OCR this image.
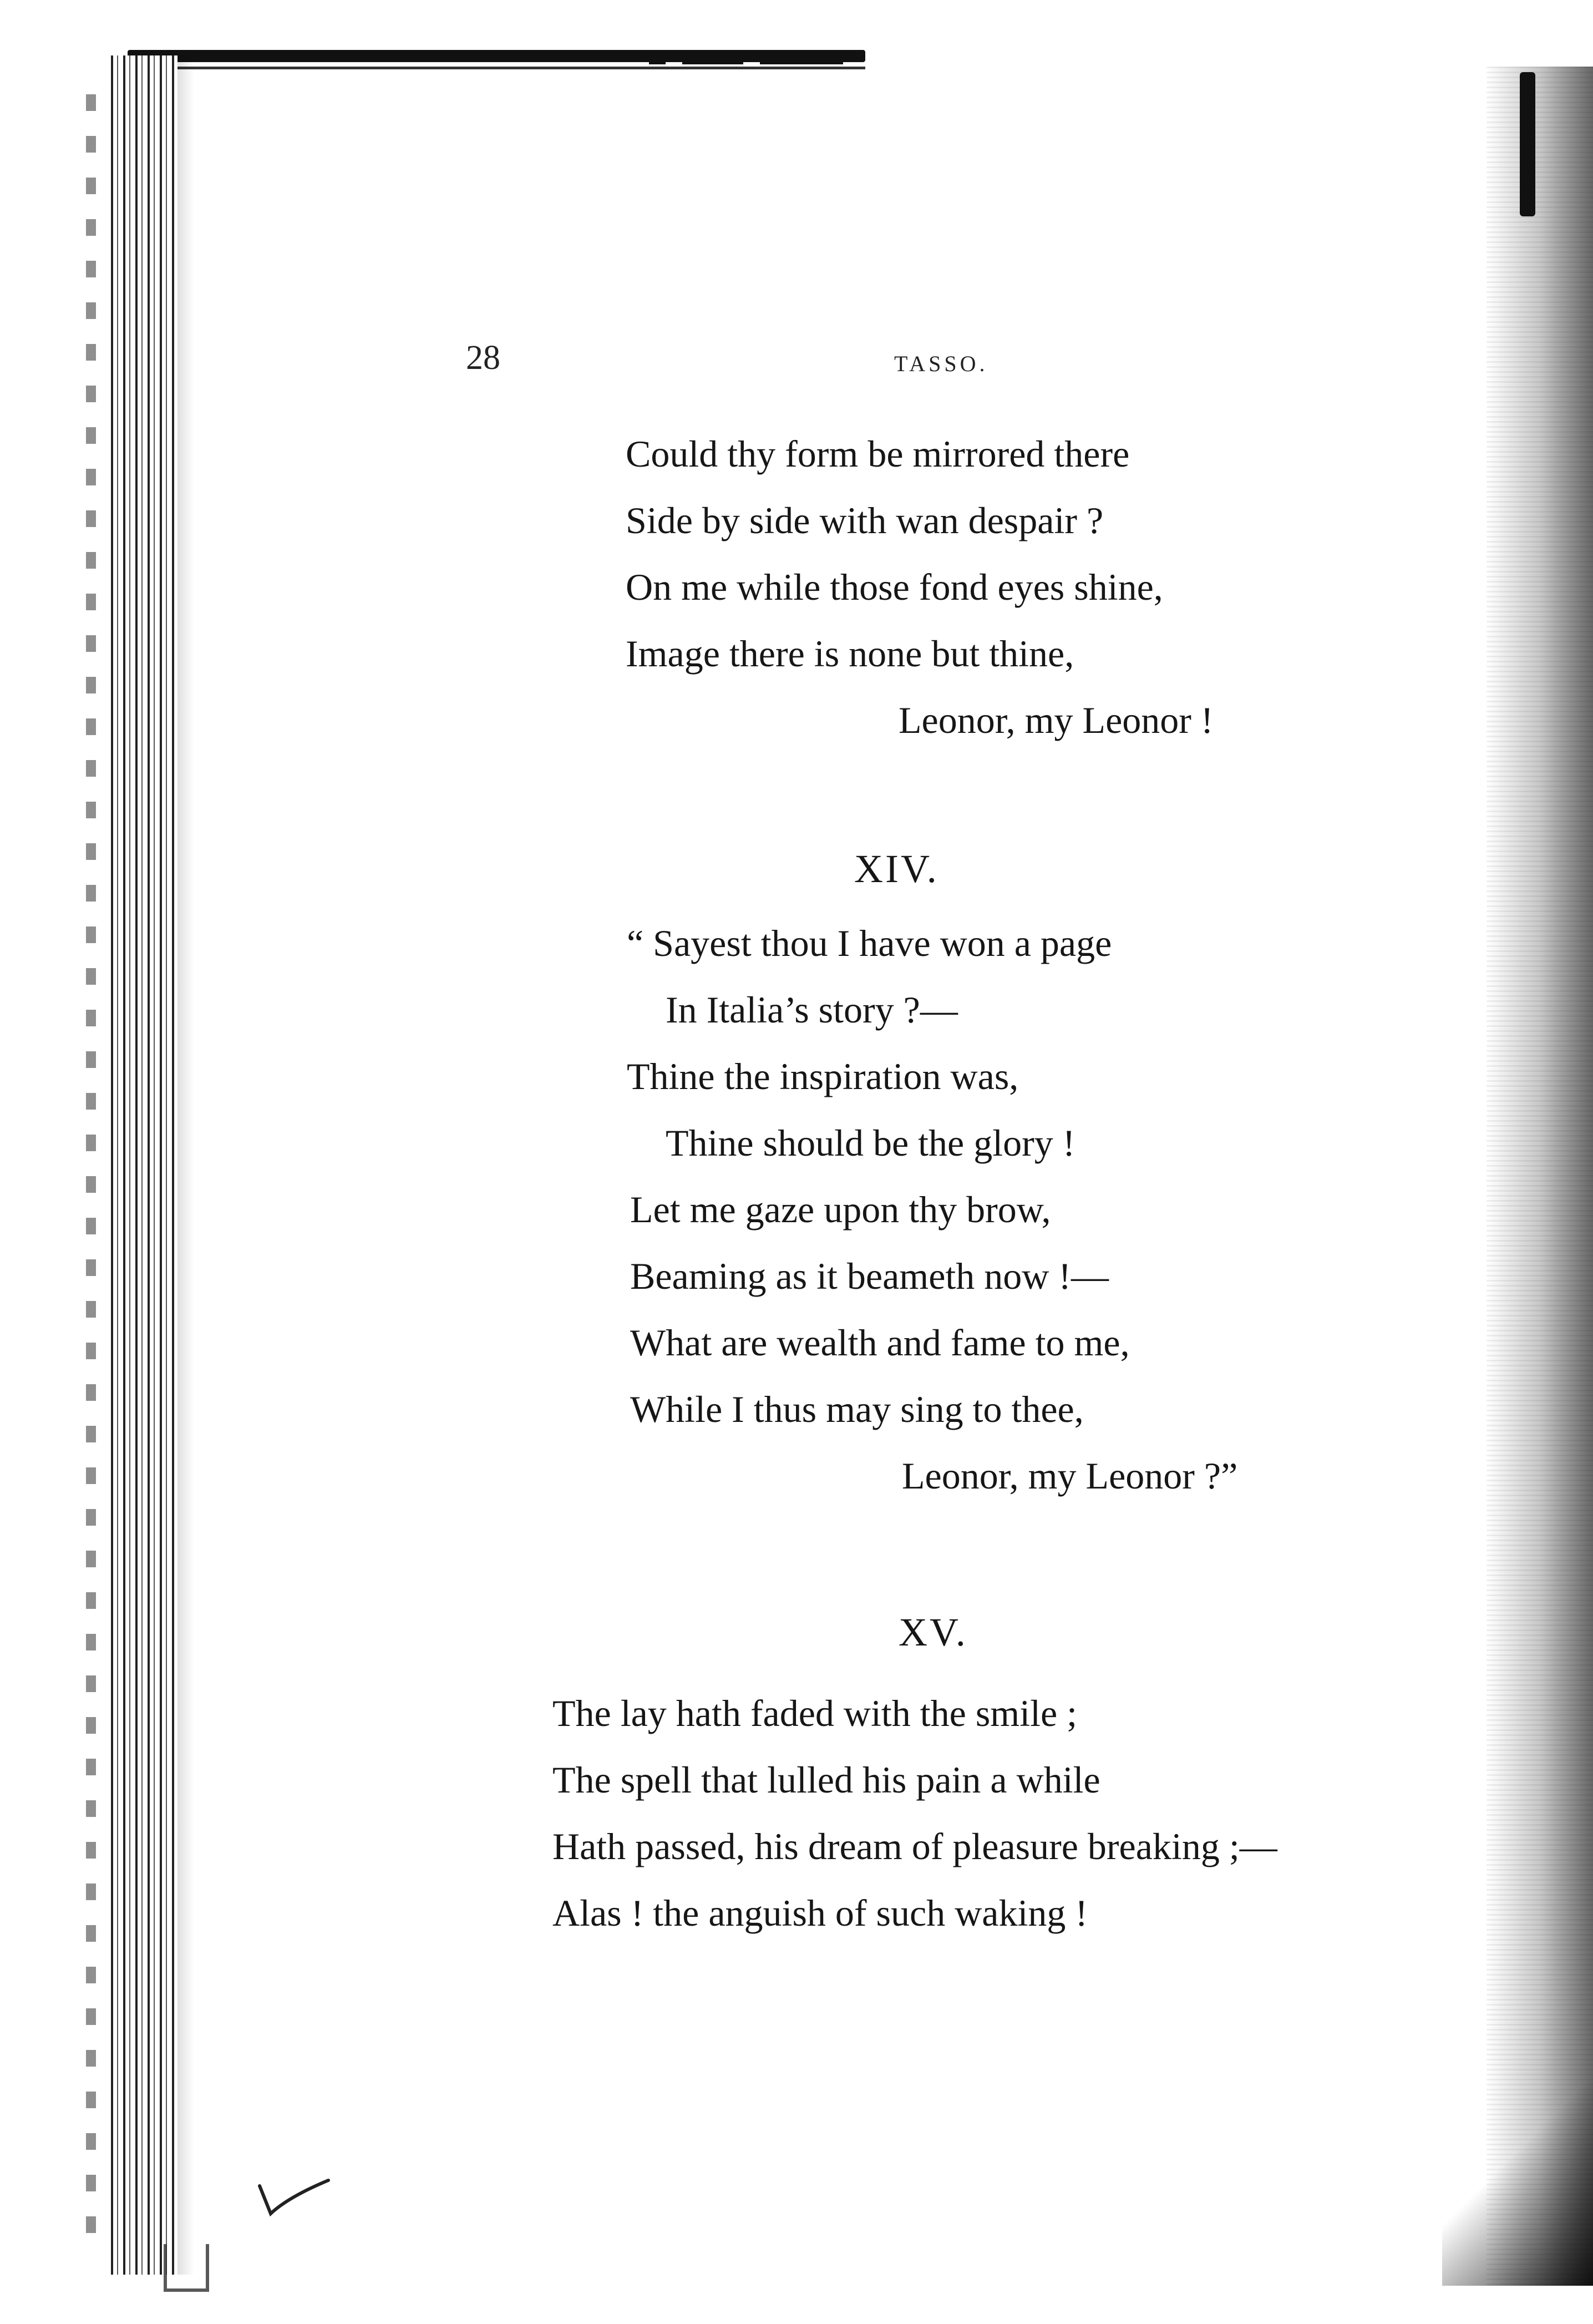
28	TASSO.
Could thy form be mirrored there
Side by side with wan despair ?
On me while those fond eyes shine,
Image there is none but thine,
Leonor, my Leonor !
XIV.
“ Sayest thou I have won a page
In Italia’s story ?—
Thine the inspiration was,
Thine should be the glory !
Let me gaze upon thy brow,
Beaming as it beameth now !—
What are wealth and fame to me,
While I thus may sing to thee,
Leonor, my Leonor ?”
XV.
The lay hath faded with the smile ;
The spell that lulled his pain a while
Hath passed, his dream of pleasure breaking ;—
Alas ! the anguish of such waking !
